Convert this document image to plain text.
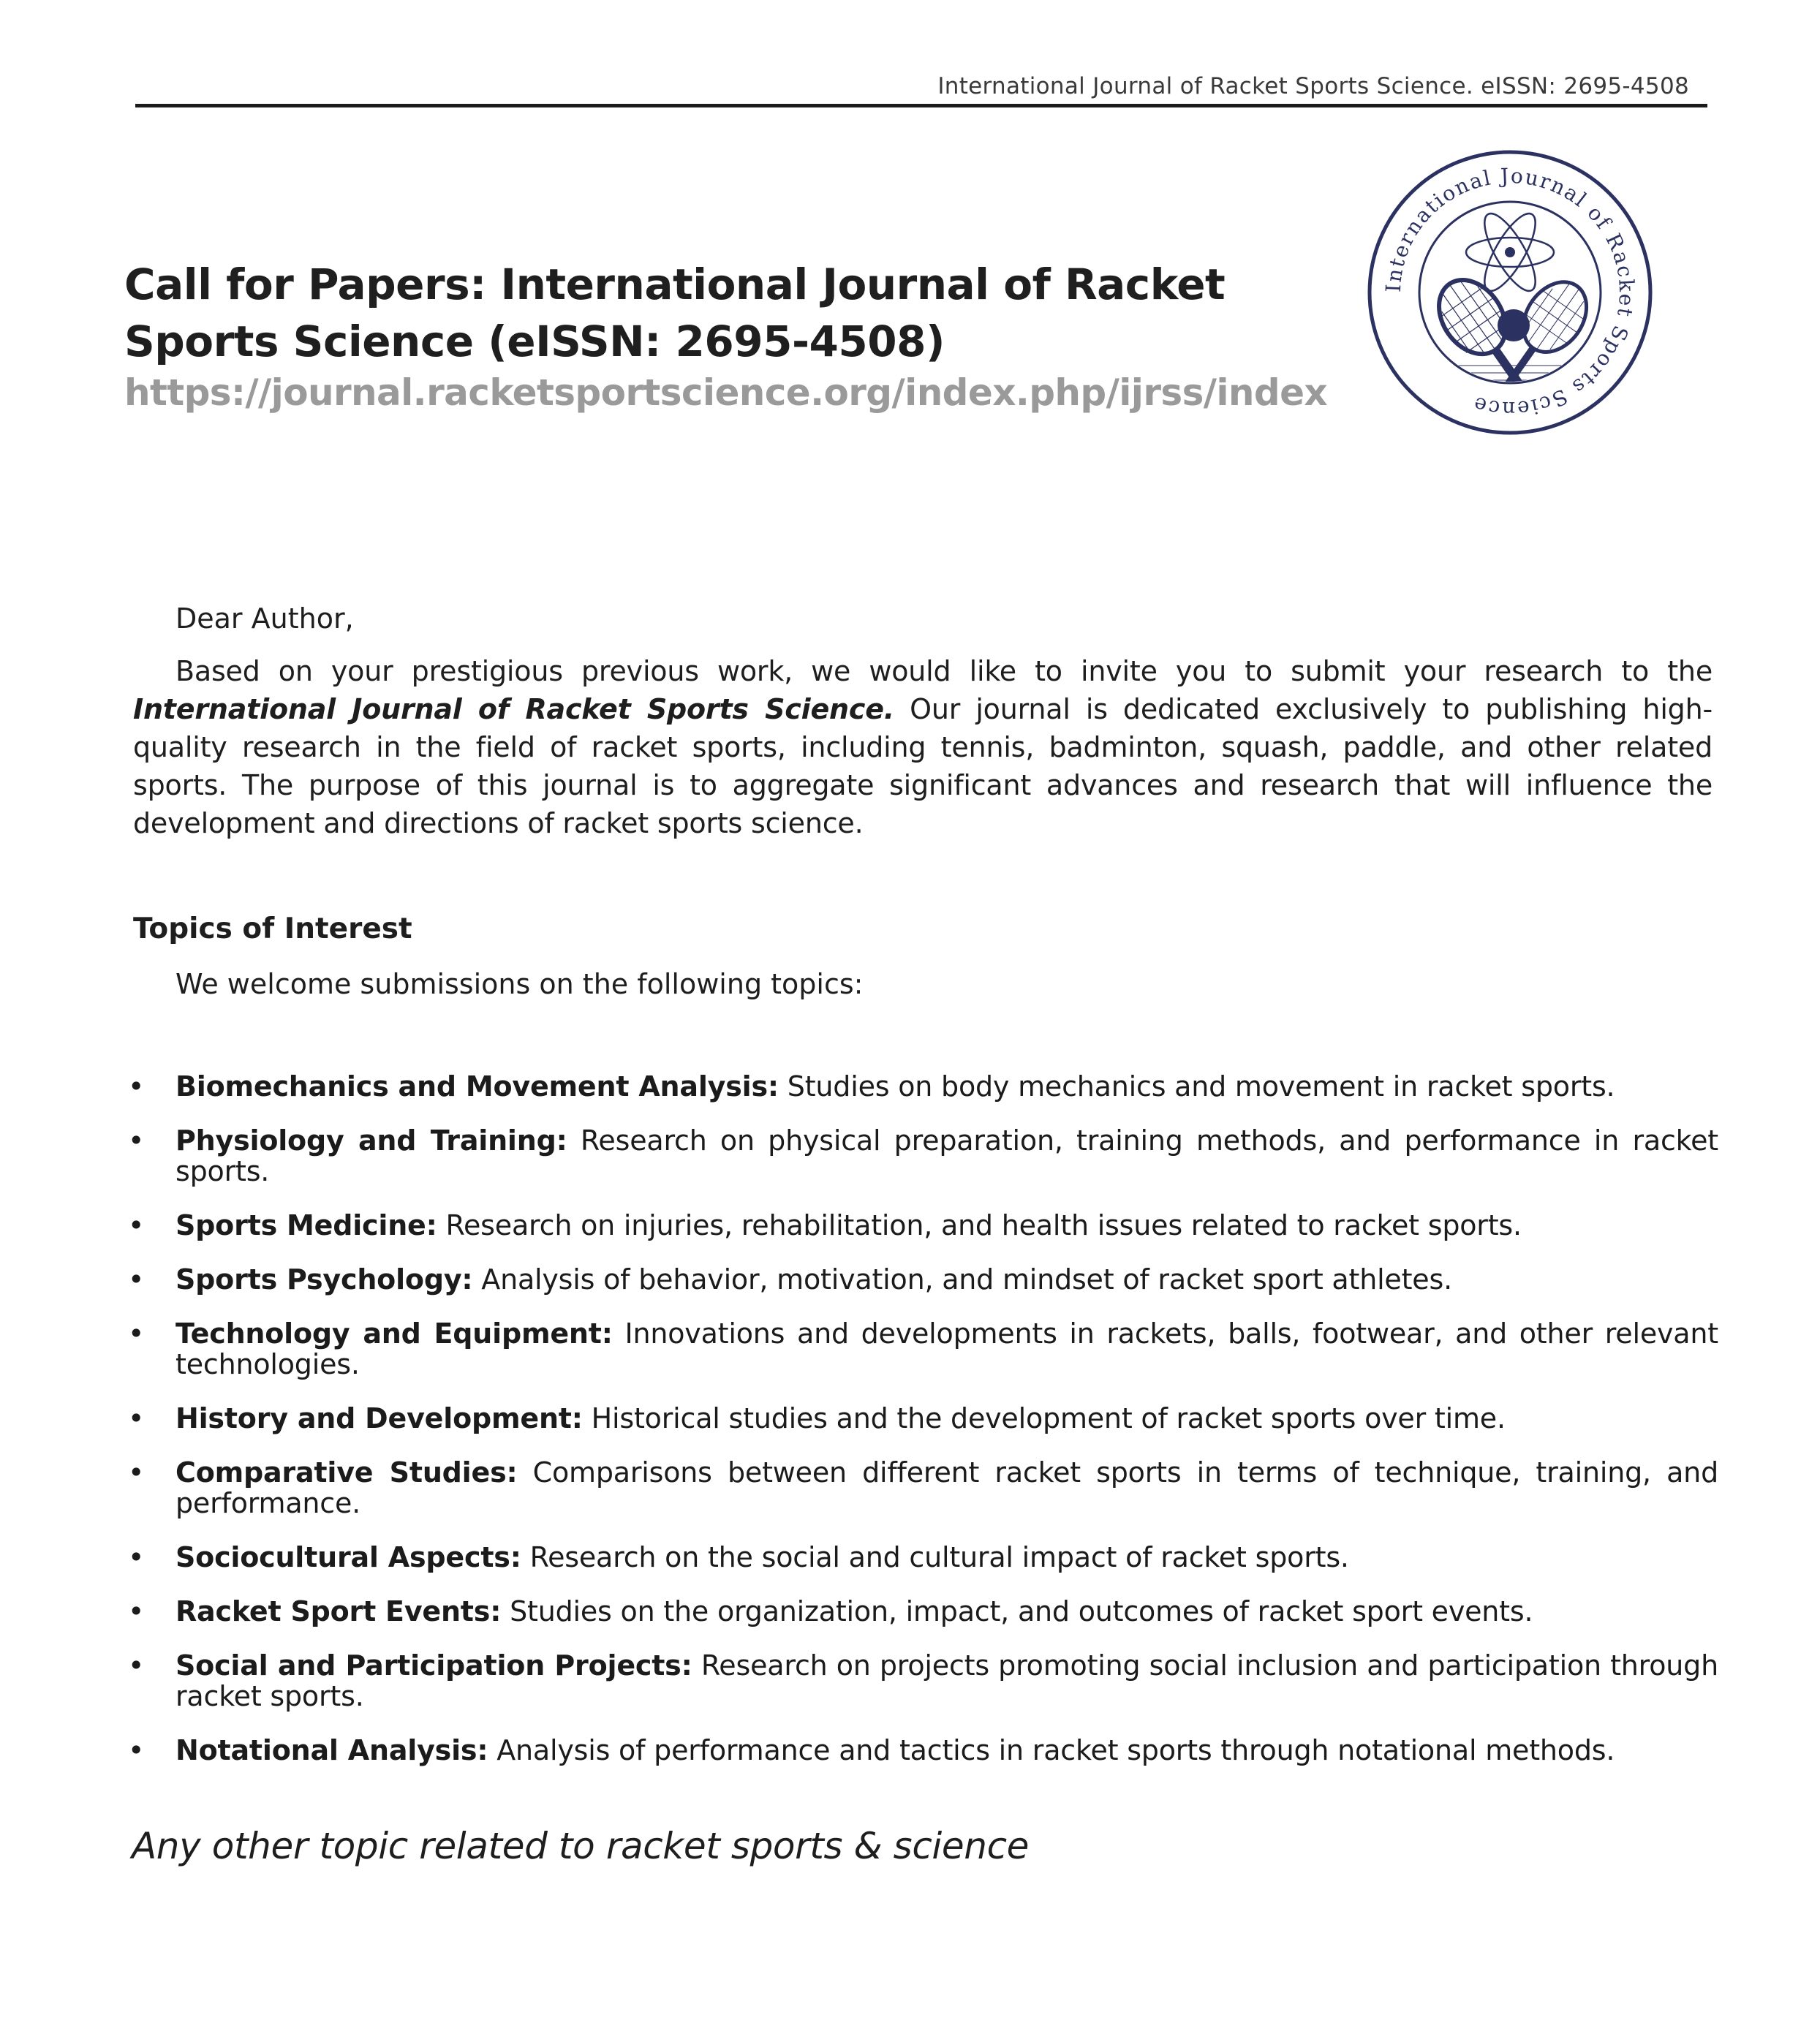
International Journal of Racket Sports Science. eISSN: 2695-4508
Call for Papers: International Journal of Racket Sports Science (eISSN: 2695-4508)
https://journal.racketsportscience.org/index.php/ijrss/index
International Journal of Racket Sports Science
Dear Author,
Based on your prestigious previous work, we would like to invite you to submit your research to the International Journal of Racket Sports Science. Our journal is dedicated exclusively to publishing high-quality research in the field of racket sports, including tennis, badminton, squash, paddle, and other related sports. The purpose of this journal is to aggregate significant advances and research that will influence the development and directions of racket sports science.
Topics of Interest
We welcome submissions on the following topics:
• Biomechanics and Movement Analysis: Studies on body mechanics and movement in racket sports.
• Physiology and Training: Research on physical preparation, training methods, and performance in racket sports.
• Sports Medicine: Research on injuries, rehabilitation, and health issues related to racket sports.
• Sports Psychology: Analysis of behavior, motivation, and mindset of racket sport athletes.
• Technology and Equipment: Innovations and developments in rackets, balls, footwear, and other relevant technologies.
• History and Development: Historical studies and the development of racket sports over time.
• Comparative Studies: Comparisons between different racket sports in terms of technique, training, and performance.
• Sociocultural Aspects: Research on the social and cultural impact of racket sports.
• Racket Sport Events: Studies on the organization, impact, and outcomes of racket sport events.
• Social and Participation Projects: Research on projects promoting social inclusion and participation through racket sports.
• Notational Analysis: Analysis of performance and tactics in racket sports through notational methods.
Any other topic related to racket sports & science
